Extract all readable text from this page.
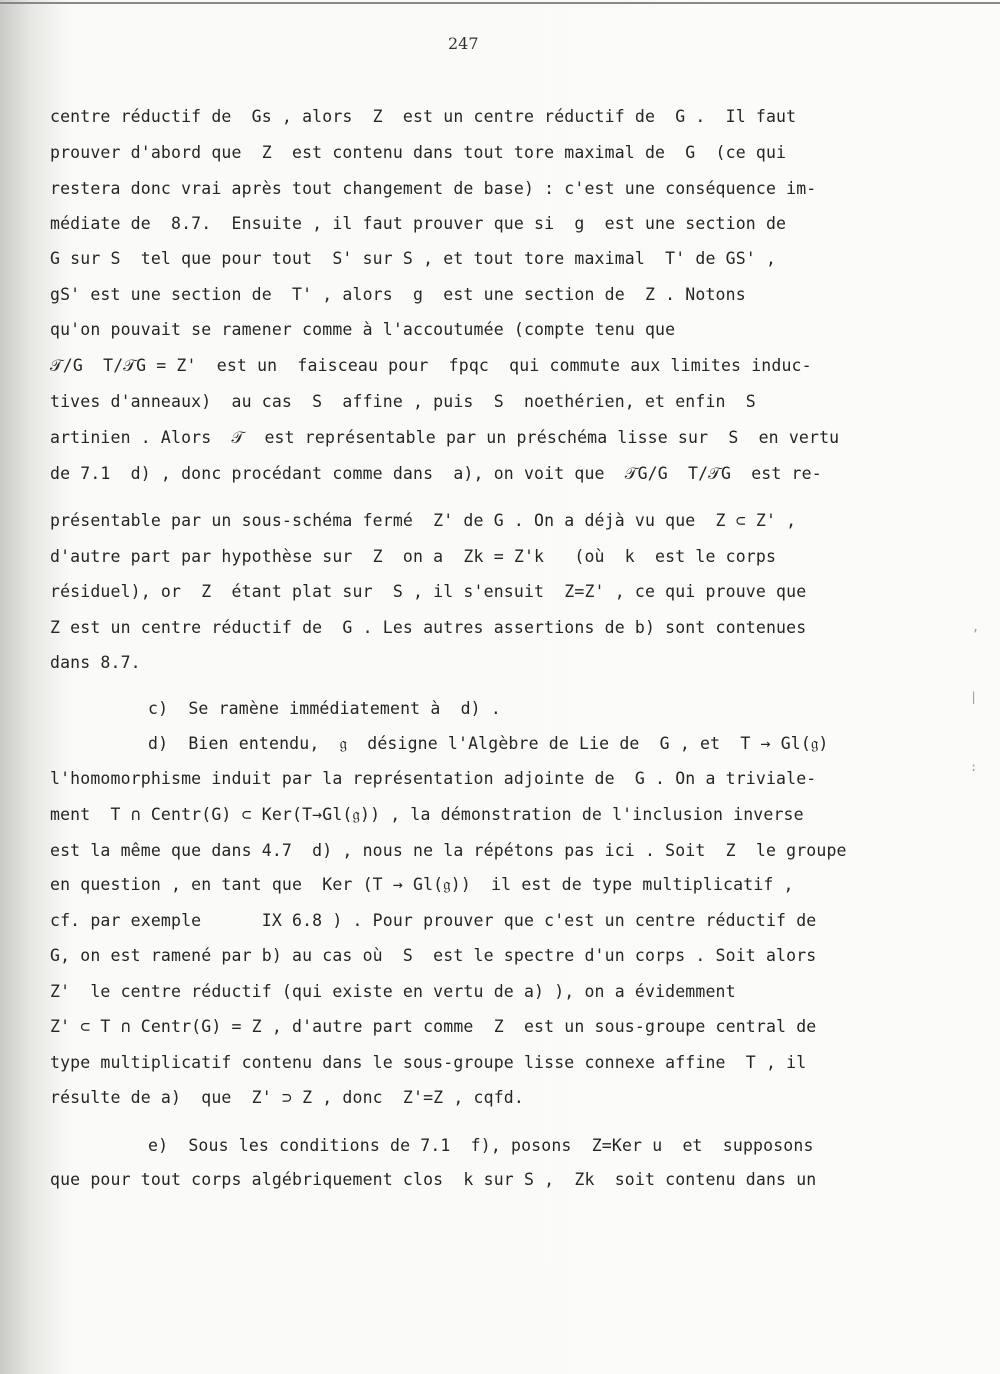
247
centre réductif de  Gs , alors  Z  est un centre réductif de  G .  Il faut
prouver d'abord que  Z  est contenu dans tout tore maximal de  G  (ce qui
restera donc vrai après tout changement de base) : c'est une conséquence im-
médiate de  8.7.  Ensuite , il faut prouver que si  g  est une section de
G sur S  tel que pour tout  S' sur S , et tout tore maximal  T' de GS' ,
gS' est une section de  T' , alors  g  est une section de  Z . Notons
qu'on pouvait se ramener comme à l'accoutumée (compte tenu que
𝒯/G  T/𝒯G = Z'  est un  faisceau pour  fpqc  qui commute aux limites induc-
tives d'anneaux)  au cas  S  affine , puis  S  noethérien, et enfin  S
artinien . Alors  𝒯  est représentable par un préschéma lisse sur  S  en vertu
de 7.1  d) , donc procédant comme dans  a), on voit que  𝒯G/G  T/𝒯G  est re-
présentable par un sous-schéma fermé  Z' de G . On a déjà vu que  Z ⊂ Z' ,
d'autre part par hypothèse sur  Z  on a  Zk = Z'k   (où  k  est le corps
résiduel), or  Z  étant plat sur  S , il s'ensuit  Z=Z' , ce qui prouve que
Z est un centre réductif de  G . Les autres assertions de b) sont contenues
dans 8.7.
c)  Se ramène immédiatement à  d) .
d)  Bien entendu,  𝔤  désigne l'Algèbre de Lie de  G , et  T → Gl(𝔤)
l'homomorphisme induit par la représentation adjointe de  G . On a triviale-
ment  T ∩ Centr(G) ⊂ Ker(T→Gl(𝔤)) , la démonstration de l'inclusion inverse
est la même que dans 4.7  d) , nous ne la répétons pas ici . Soit  Z  le groupe
en question , en tant que  Ker (T → Gl(𝔤))  il est de type multiplicatif ,
cf. par exemple      IX 6.8 ) . Pour prouver que c'est un centre réductif de
G, on est ramené par b) au cas où  S  est le spectre d'un corps . Soit alors
Z'  le centre réductif (qui existe en vertu de a) ), on a évidemment
Z' ⊂ T ∩ Centr(G) = Z , d'autre part comme  Z  est un sous-groupe central de
type multiplicatif contenu dans le sous-groupe lisse connexe affine  T , il
résulte de a)  que  Z' ⊃ Z , donc  Z'=Z , cqfd.
e)  Sous les conditions de 7.1  f), posons  Z=Ker u  et  supposons
que pour tout corps algébriquement clos  k sur S ,  Zk  soit contenu dans un
‚
|
:
